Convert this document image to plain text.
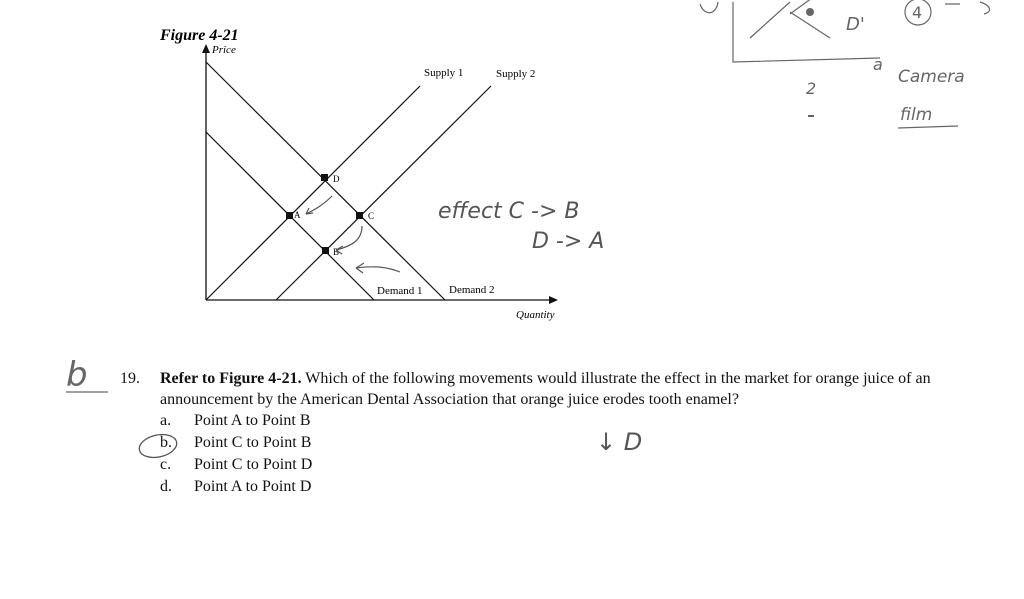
Figure 4-21
Price
Quantity
Supply 1	Supply 2
Demand 1 Demand 2
A
D
C
B
effect C -> B
D -> A
↓ D
D'
4
2
a
Camera
film
b 19.	Refer to Figure 4-21. Which of the following movements would illustrate the effect in the market for orange juice of an announcement by the American Dental Association that orange juice erodes tooth enamel?
a.	Point A to Point B
b.	Point C to Point B
c.	Point C to Point D
d.	Point A to Point D
